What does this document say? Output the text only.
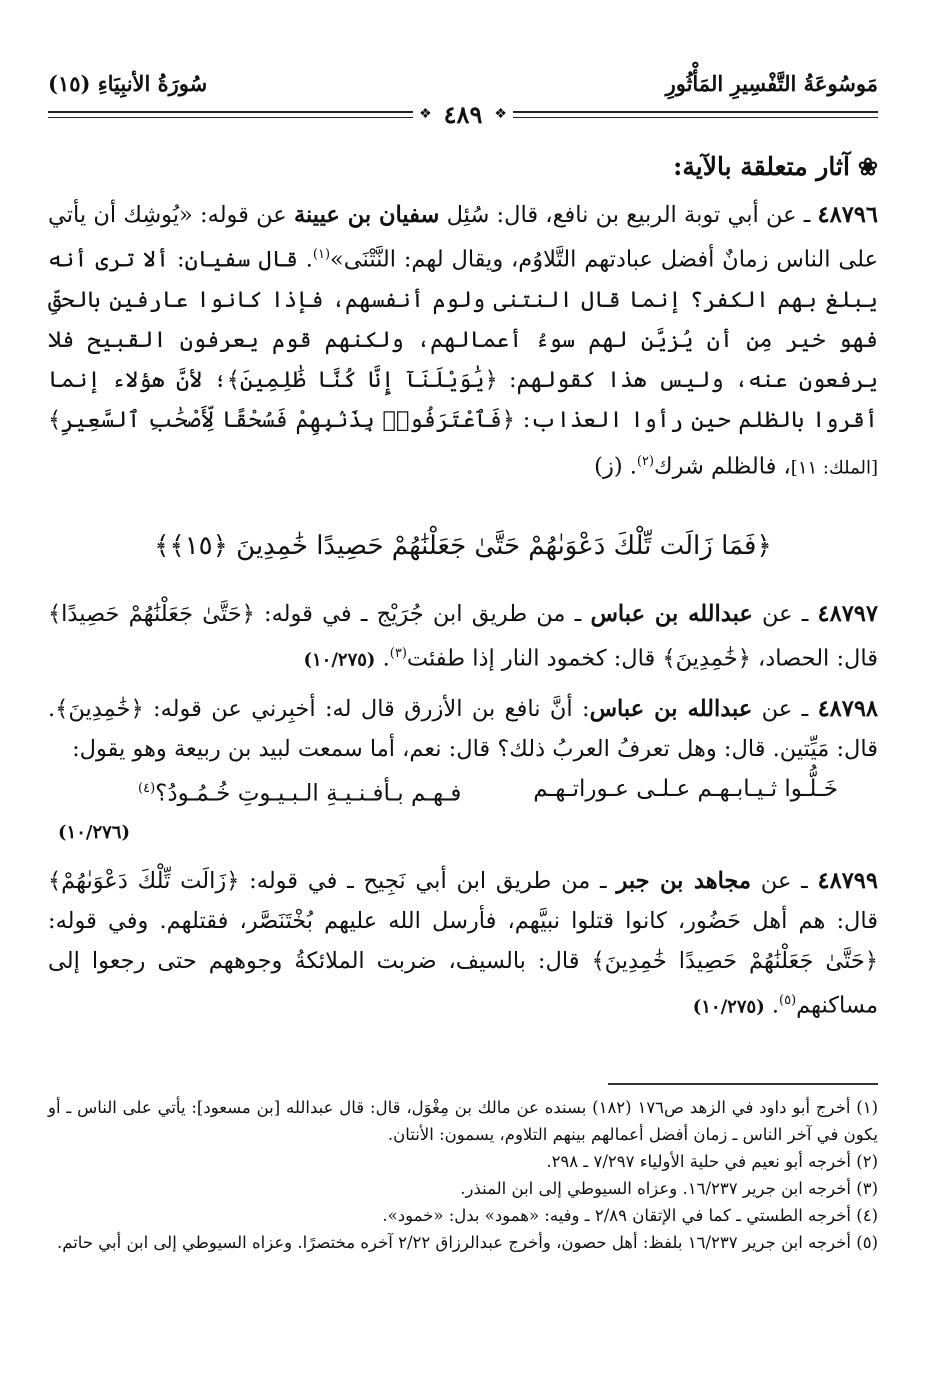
مَوسُوعَةُ التَّفْسِيرِ المَأْثُورِ
سُورَةُ الأنبِيَاءِ (١٥)
❖
٤٨٩
❖
❀
آثار متعلقة بالآية:

٤٨٧٩٦ ـ عن أبي توبة الربيع بن نافع، قال: سُئِل سفيان بن عيينة عن قوله: «يُوشِك أن يأتي على الناس زمانٌ أفضل عبادتهم التَّلاوُم، ويقال لهم: النَّتْنَى»$^{(١)}$. قال سفيان: ألا ترى أنه يبلغ بهم الكفر؟ إنما قال النتنى ولوم أنفسهم، فإذا كانوا عارفين بالحقِّ فهو خير مِن أن يُزيَّن لهم سوءُ أعمالهم، ولكنهم قوم يعرفون القبيح فلا يرفعون عنه، وليس هذا كقولهم: ﴿يَٰوَيْلَنَآ إِنَّا كُنَّا ظَٰلِمِينَ﴾؛ لأنَّ هؤلاء إنما أقروا بالظلم حين رأوا العذاب: ﴿فَٱعْتَرَفُوا۟ بِذَنۢبِهِمْ فَسُحْقًا لِّأَصْحَٰبِ ٱلسَّعِيرِ﴾ [الملك: ١١]، فالظلم شرك$^{(٢)}$. (ز)

﴿فَمَا زَالَت تِّلْكَ دَعْوَىٰهُمْ حَتَّىٰ جَعَلْنَٰهُمْ حَصِيدًا خَٰمِدِينَ ﴿١٥﴾﴾

٤٨٧٩٧ ـ عن عبدالله بن عباس ـ من طريق ابن جُرَيْج ـ في قوله: ﴿حَتَّىٰ جَعَلْنَٰهُمْ حَصِيدًا﴾ قال: الحصاد، ﴿خَٰمِدِينَ﴾ قال: كخمود النار إذا طفئت$^{(٣)}$. (١٠/٢٧٥)

٤٨٧٩٨ ـ عن عبدالله بن عباس: أنَّ نافع بن الأزرق قال له: أخبِرني عن قوله: ﴿خَٰمِدِينَ﴾. قال: مَيِّتين. قال: وهل تعرفُ العربُ ذلك؟ قال: نعم، أما سمعت لبيد بن ربيعة وهو يقول:

خَـلُّـوا ثـيـابـهـم عـلـى عـوراتـهـم
فـهـم بـأفـنـيـةِ الـبـيـوتِ خُـمُـودُ؟$^{(٤)}$
(١٠/٢٧٦)

٤٨٧٩٩ ـ عن مجاهد بن جبر ـ من طريق ابن أبي نَجِيح ـ في قوله: ﴿زَالَت تِّلْكَ دَعْوَىٰهُمْ﴾ قال: هم أهل حَضُور، كانوا قتلوا نبيَّهم، فأرسل الله عليهم بُخْتَنَصَّر، فقتلهم. وفي قوله: ﴿حَتَّىٰ جَعَلْنَٰهُمْ حَصِيدًا خَٰمِدِينَ﴾ قال: بالسيف، ضربت الملائكةُ وجوههم حتى رجعوا إلى مساكنهم$^{(٥)}$. (١٠/٢٧٥)

(١) أخرج أبو داود في الزهد ص١٧٦ (١٨٢) بسنده عن مالك بن مِغْوَل، قال: قال عبدالله [بن مسعود]: يأتي على الناس ـ أو يكون في آخر الناس ـ زمان أفضل أعمالهم بينهم التلاوم، يسمون: الأنتان.

(٢) أخرجه أبو نعيم في حلية الأولياء ٧/٢٩٧ ـ ٢٩٨.

(٣) أخرجه ابن جرير ١٦/٢٣٧. وعزاه السيوطي إلى ابن المنذر.

(٤) أخرجه الطستي ـ كما في الإتقان ٢/٨٩ ـ وفيه: «همود» بدل: «خمود».

(٥) أخرجه ابن جرير ١٦/٢٣٧ بلفظ: أهل حصون، وأخرج عبدالرزاق ٢/٢٢ آخره مختصرًا. وعزاه السيوطي إلى ابن أبي حاتم.
